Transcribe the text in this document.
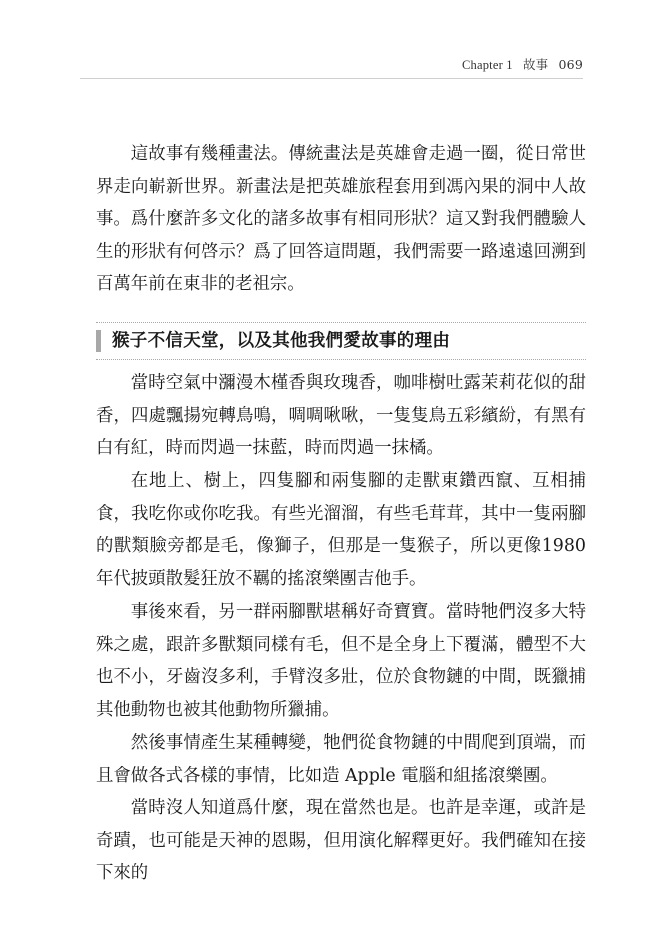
Chapter 1 故事 069

這故事有幾種畫法。傳統畫法是英雄會走過一圈，從日常世界走向嶄新世界。新畫法是把英雄旅程套用到馮內果的洞中人故事。 爲什麼許多文化的諸多故事有相同形狀？這又對我們體驗人生的形狀有何啓示？爲了回答這問題，我們需要一路遠遠回溯到百萬年前在東非的老祖宗。

猴子不信天堂，以及其他我們愛故事的理由

當時空氣中瀰漫木槿香與玫瑰香，咖啡樹吐露茉莉花似的甜香，四處飄揚宛轉鳥鳴，啁啁啾啾，一隻隻鳥五彩繽紛，有黑有白有紅，時而閃過一抹藍，時而閃過一抹橘。

在地上、樹上，四隻腳和兩隻腳的走獸東鑽西竄、互相捕食，我吃你或你吃我。有些光溜溜，有些毛茸茸，其中一隻兩腳的獸類臉旁都是毛，像獅子，但那是一隻猴子，所以更像1980年代披頭散髮狂放不羈的搖滾樂團吉他手。

事後來看，另一群兩腳獸堪稱好奇寶寶。當時牠們沒多大特殊之處，跟許多獸類同樣有毛，但不是全身上下覆滿，體型不大也不小，牙齒沒多利，手臂沒多壯，位於食物鏈的中間，既獵捕其他動物也被其他動物所獵捕。

然後事情產生某種轉變，牠們從食物鏈的中間爬到頂端，而且會做各式各樣的事情，比如造 Apple 電腦和組搖滾樂團。

當時沒人知道爲什麼，現在當然也是。也許是幸運，或許是奇蹟，也可能是天神的恩賜，但用演化解釋更好。我們確知在接下來的
